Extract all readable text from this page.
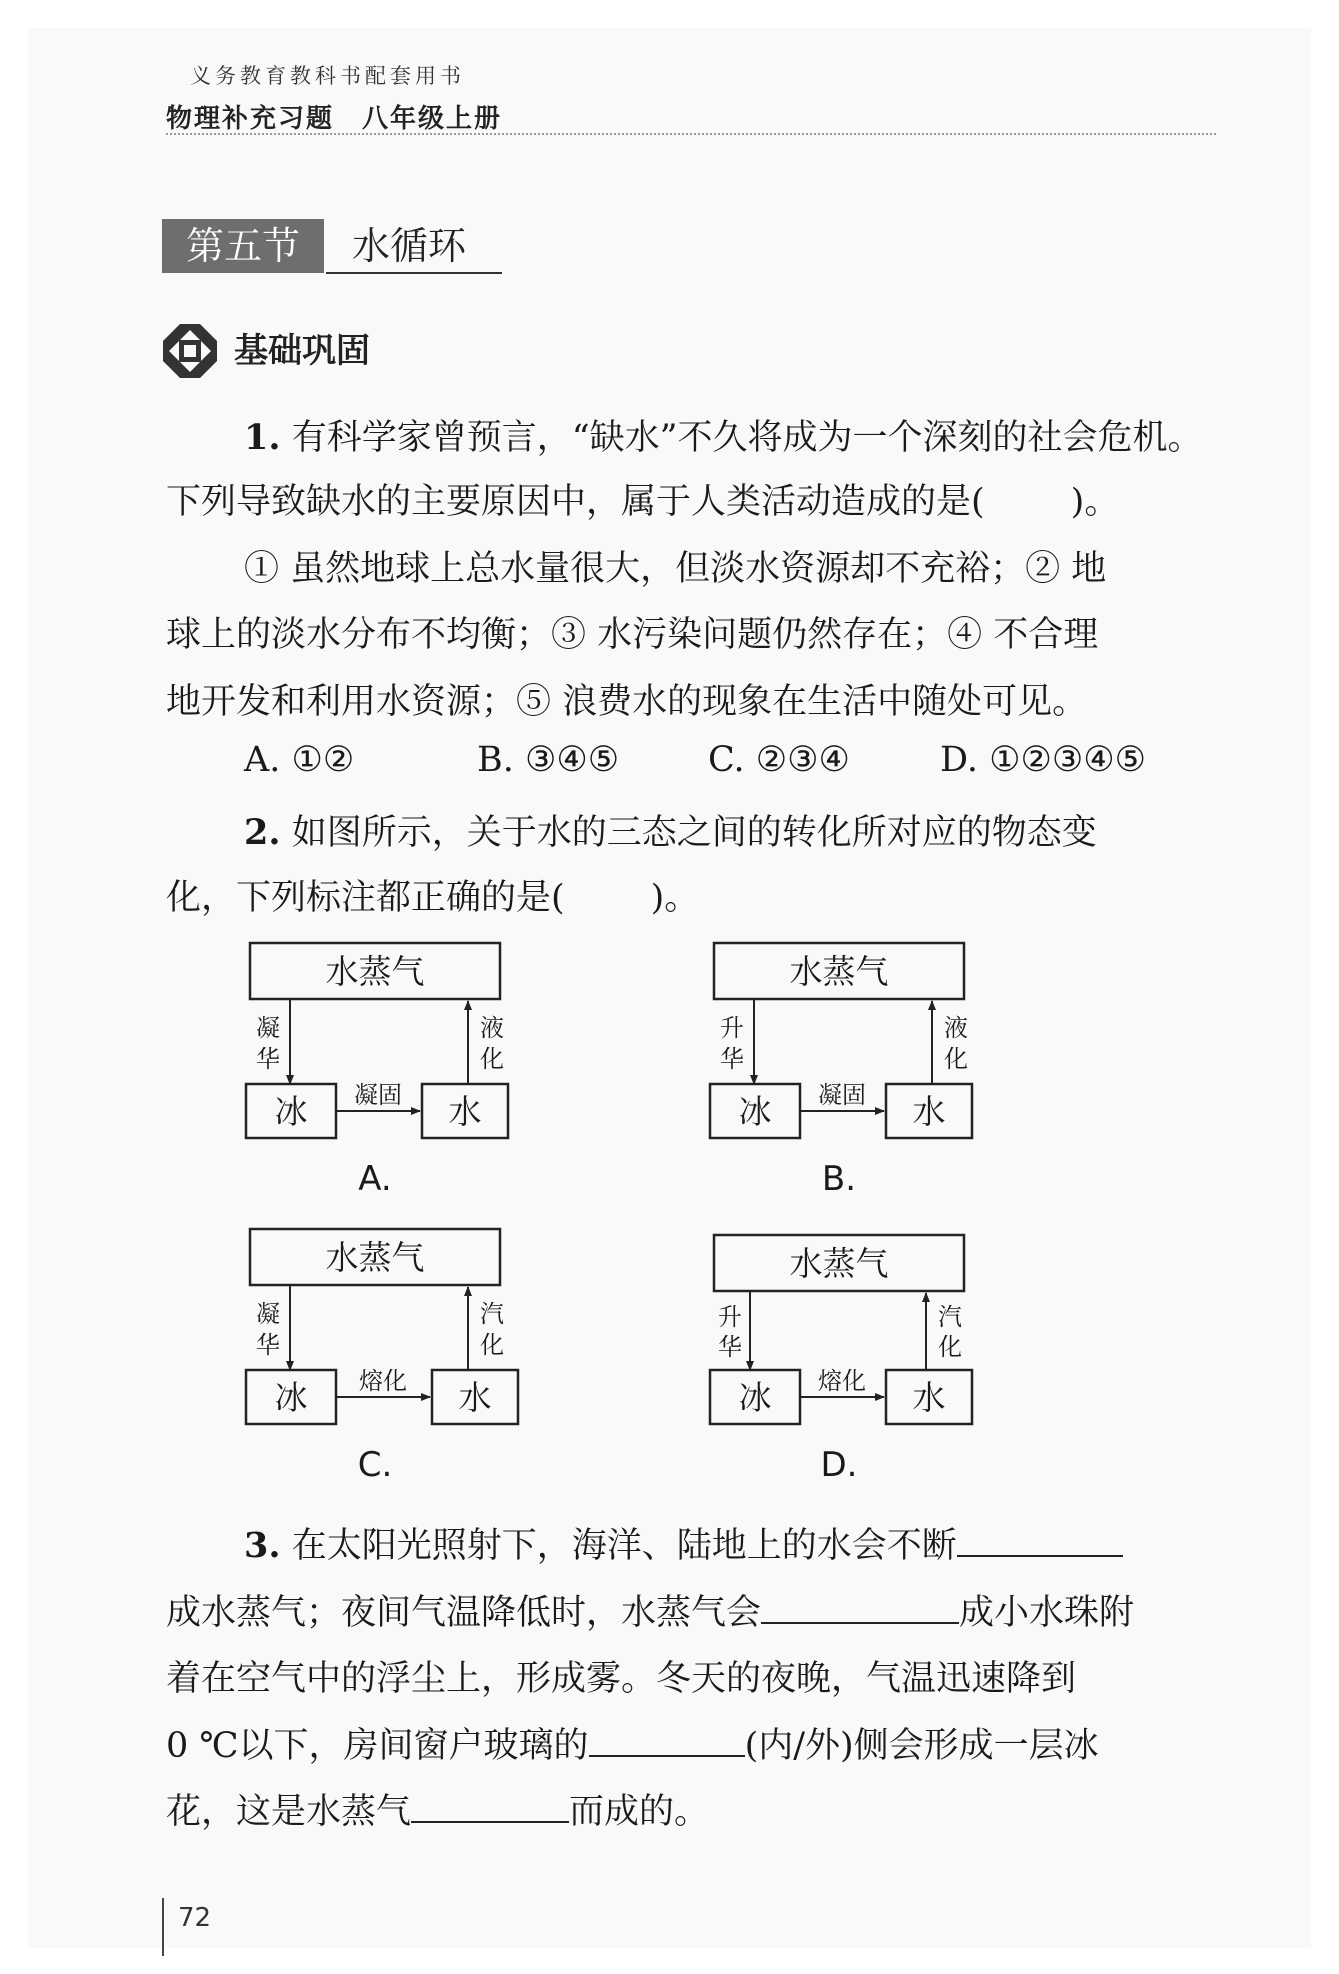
义务教育教科书配套用书
物理补充习题　八年级上册
第五节	水循环
基础巩固
1. 有科学家曾预言，“缺水”不久将成为一个深刻的社会危机。
下列导致缺水的主要原因中，属于人类活动造成的是( )。
① 虽然地球上总水量很大，但淡水资源却不充裕；② 地
球上的淡水分布不均衡；③ 水污染问题仍然存在；④ 不合理
地开发和利用水资源；⑤ 浪费水的现象在生活中随处可见。
A. ①②	B. ③④⑤	C. ②③④	D. ①②③④⑤
2. 如图所示，关于水的三态之间的转化所对应的物态变
化，下列标注都正确的是( )。
水蒸气
凝
华
液
化
冰	水
凝固
A.
水蒸气
升
华
液
化
冰	水
凝固
B.
水蒸气
凝
华
汽
化
冰	水
熔化
C.
水蒸气
升
华
汽
化
冰	水
熔化
D.
3. 在太阳光照射下，海洋、陆地上的水会不断
成水蒸气；夜间气温降低时，水蒸气会	成小水珠附
着在空气中的浮尘上，形成雾。冬天的夜晚，气温迅速降到
0 ℃以下，房间窗户玻璃的	(内/外)侧会形成一层冰
花，这是水蒸气	而成的。
72
